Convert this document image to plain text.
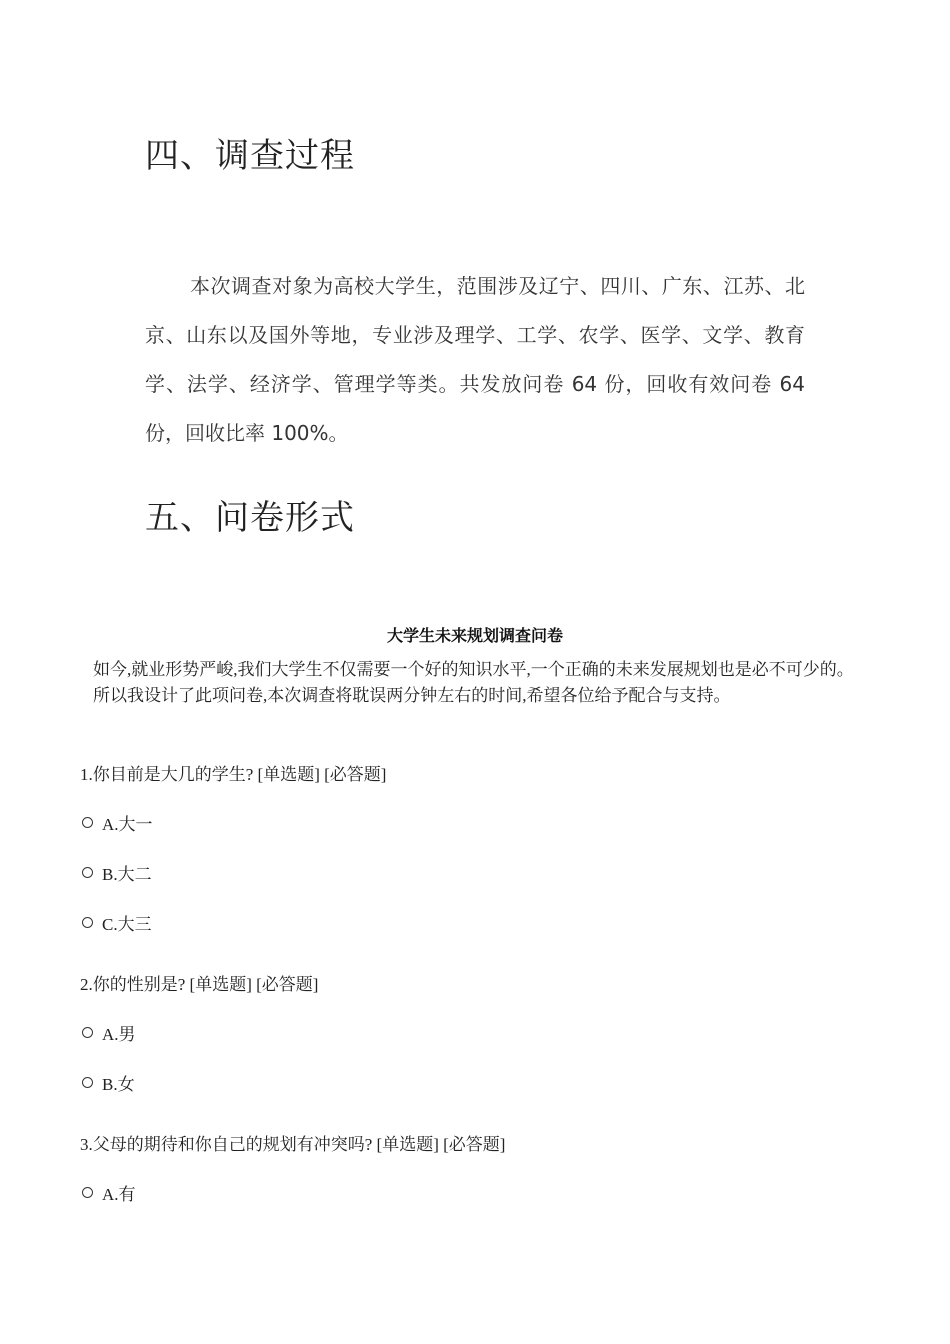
四、调查过程

本次调查对象为高校大学生，范围涉及辽宁、四川、广东、江苏、北京、山东以及国外等地，专业涉及理学、工学、农学、医学、文学、教育学、法学、经济学、管理学等类。共发放问卷 64 份，回收有效问卷 64 份，回收比率 100%。

五、问卷形式
大学生未来规划调查问卷

如今,就业形势严峻,我们大学生不仅需要一个好的知识水平,一个正确的未来发展规划也是必不可少的。所以我设计了此项问卷,本次调查将耽误两分钟左右的时间,希望各位给予配合与支持。

1.你目前是大几的学生? [单选题] [必答题]
A.大一
B.大二
C.大三
2.你的性别是? [单选题] [必答题]
A.男
B.女
3.父母的期待和你自己的规划有冲突吗? [单选题] [必答题]
A.有
